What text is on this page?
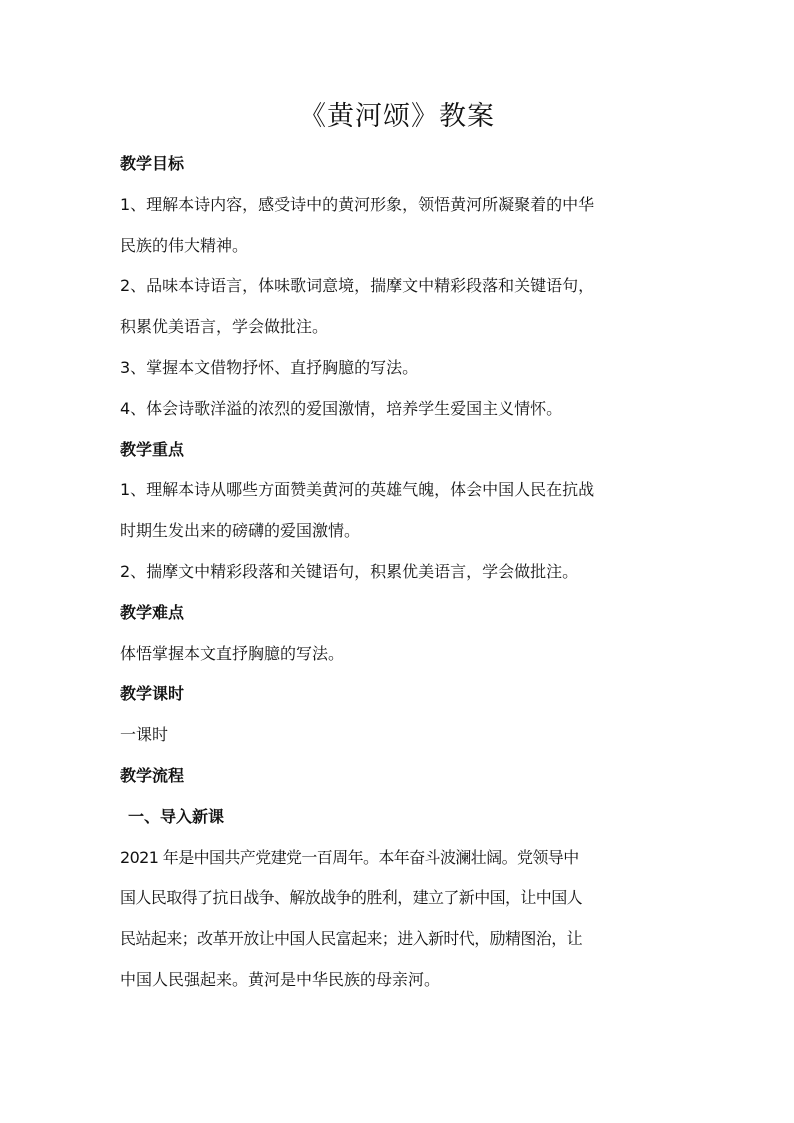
《黄河颂》教案

教学目标

1、理解本诗内容，感受诗中的黄河形象，领悟黄河所凝聚着的中华

民族的伟大精神。

2、品味本诗语言，体味歌词意境，揣摩文中精彩段落和关键语句，

积累优美语言，学会做批注。

3、掌握本文借物抒怀、直抒胸臆的写法。

4、体会诗歌洋溢的浓烈的爱国激情，培养学生爱国主义情怀。

教学重点

1、理解本诗从哪些方面赞美黄河的英雄气魄，体会中国人民在抗战

时期生发出来的磅礴的爱国激情。

2、揣摩文中精彩段落和关键语句，积累优美语言，学会做批注。

教学难点

体悟掌握本文直抒胸臆的写法。

教学课时

一课时

教学流程

一、导入新课

2021 年是中国共产党建党一百周年。本年奋斗波澜壮阔。党领导中

国人民取得了抗日战争、解放战争的胜利，建立了新中国，让中国人

民站起来；改革开放让中国人民富起来；进入新时代，励精图治，让

中国人民强起来。黄河是中华民族的母亲河。
